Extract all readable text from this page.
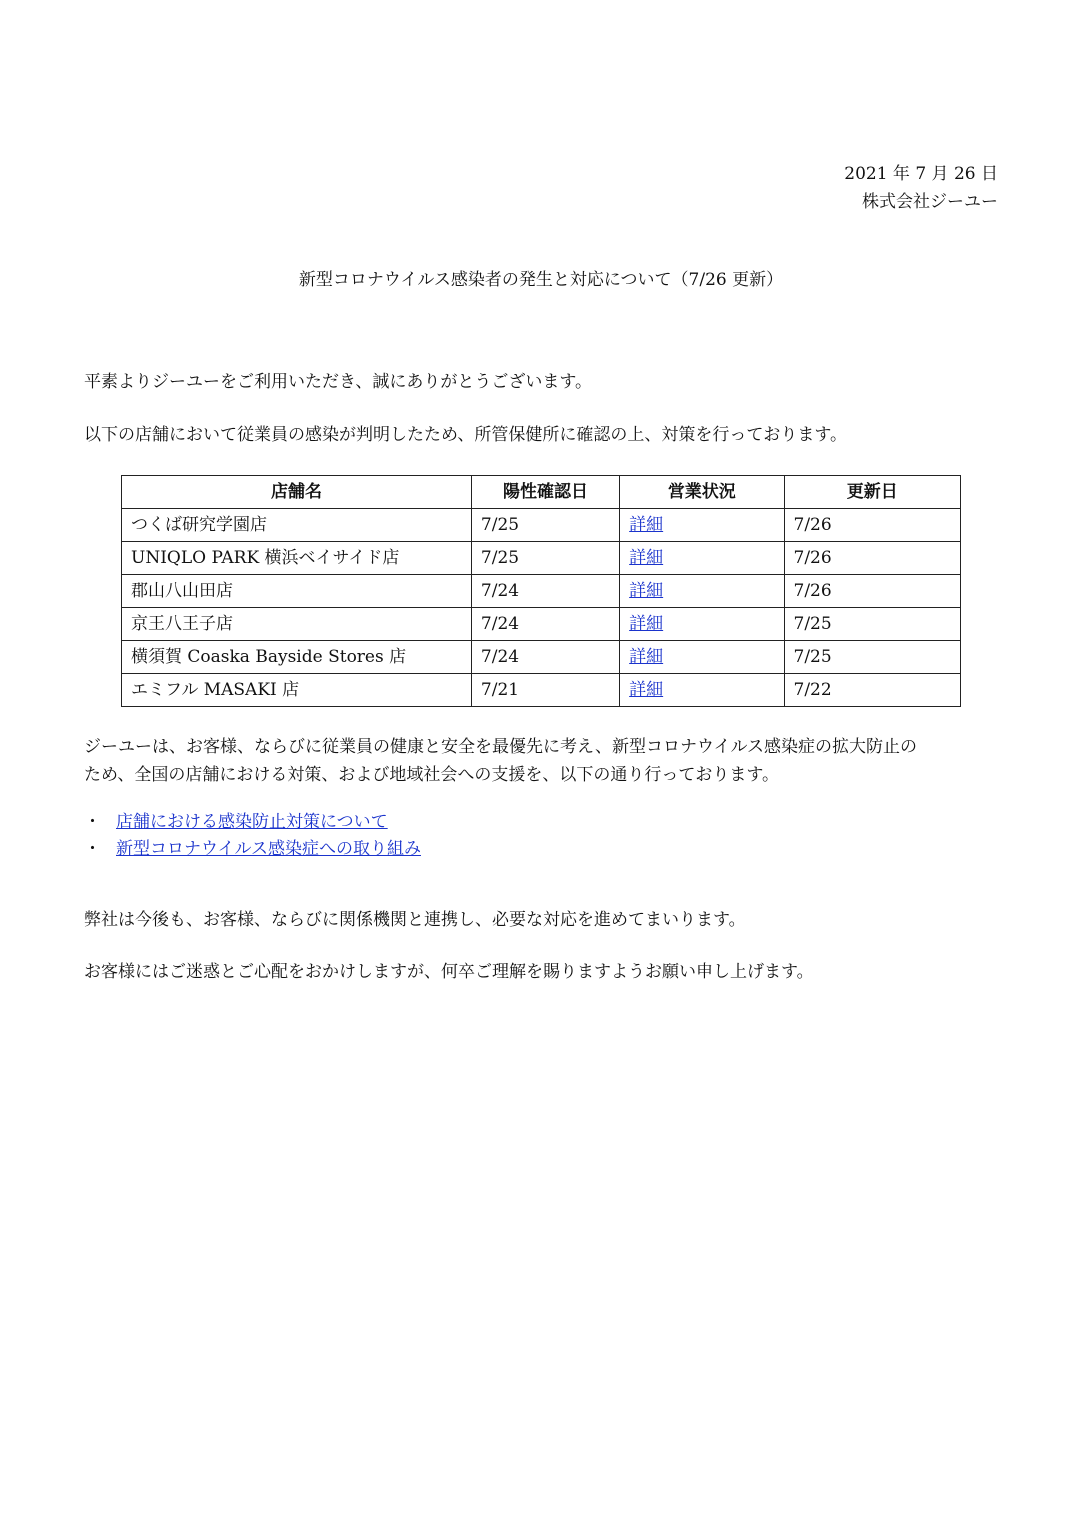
2021 年 7 月 26 日
株式会社ジーユー
新型コロナウイルス感染者の発生と対応について（7/26 更新）

平素よりジーユーをご利用いただき、誠にありがとうございます。

以下の店舗において従業員の感染が判明したため、所管保健所に確認の上、対策を行っております。

店舗名	陽性確認日	営業状況	更新日
つくば研究学園店	7/25	詳細	7/26
UNIQLO PARK 横浜ベイサイド店	7/25	詳細	7/26
郡山八山田店	7/24	詳細	7/26
京王八王子店	7/24	詳細	7/25
横須賀 Coaska Bayside Stores 店	7/24	詳細	7/25
エミフル MASAKI 店	7/21	詳細	7/22
ジーユーは、お客様、ならびに従業員の健康と安全を最優先に考え、新型コロナウイルス感染症の拡大防止の
ため、全国の店舗における対策、および地域社会への支援を、以下の通り行っております。
・ 店舗における感染防止対策について
・ 新型コロナウイルス感染症への取り組み

弊社は今後も、お客様、ならびに関係機関と連携し、必要な対応を進めてまいります。

お客様にはご迷惑とご心配をおかけしますが、何卒ご理解を賜りますようお願い申し上げます。
